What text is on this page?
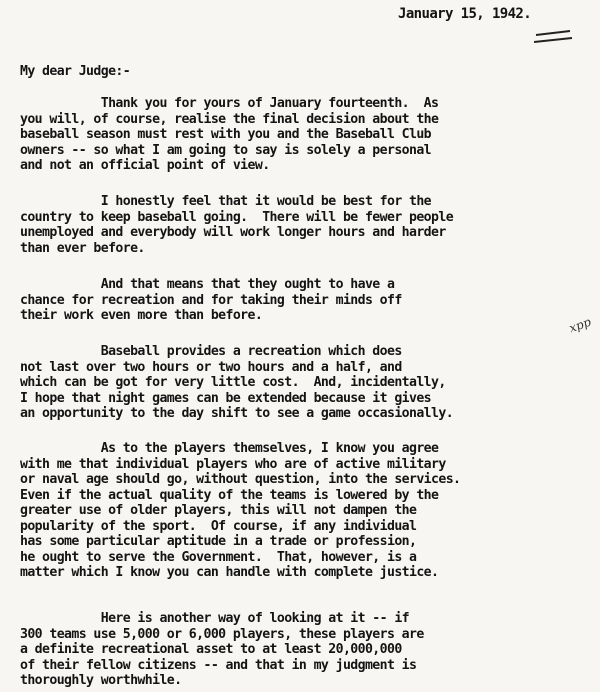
January 15, 1942.
My dear Judge:-
Thank you for yours of January fourteenth.  As
you will, of course, realise the final decision about the
baseball season must rest with you and the Baseball Club
owners -- so what I am going to say is solely a personal
and not an official point of view.
I honestly feel that it would be best for the
country to keep baseball going.  There will be fewer people
unemployed and everybody will work longer hours and harder
than ever before.
And that means that they ought to have a
chance for recreation and for taking their minds off
their work even more than before.
Baseball provides a recreation which does
not last over two hours or two hours and a half, and
which can be got for very little cost.  And, incidentally,
I hope that night games can be extended because it gives
an opportunity to the day shift to see a game occasionally.
As to the players themselves, I know you agree
with me that individual players who are of active military
or naval age should go, without question, into the services.
Even if the actual quality of the teams is lowered by the
greater use of older players, this will not dampen the
popularity of the sport.  Of course, if any individual
has some particular aptitude in a trade or profession,
he ought to serve the Government.  That, however, is a
matter which I know you can handle with complete justice.
Here is another way of looking at it -- if
300 teams use 5,000 or 6,000 players, these players are
a definite recreational asset to at least 20,000,000
of their fellow citizens -- and that in my judgment is
thoroughly worthwhile.
xpp
